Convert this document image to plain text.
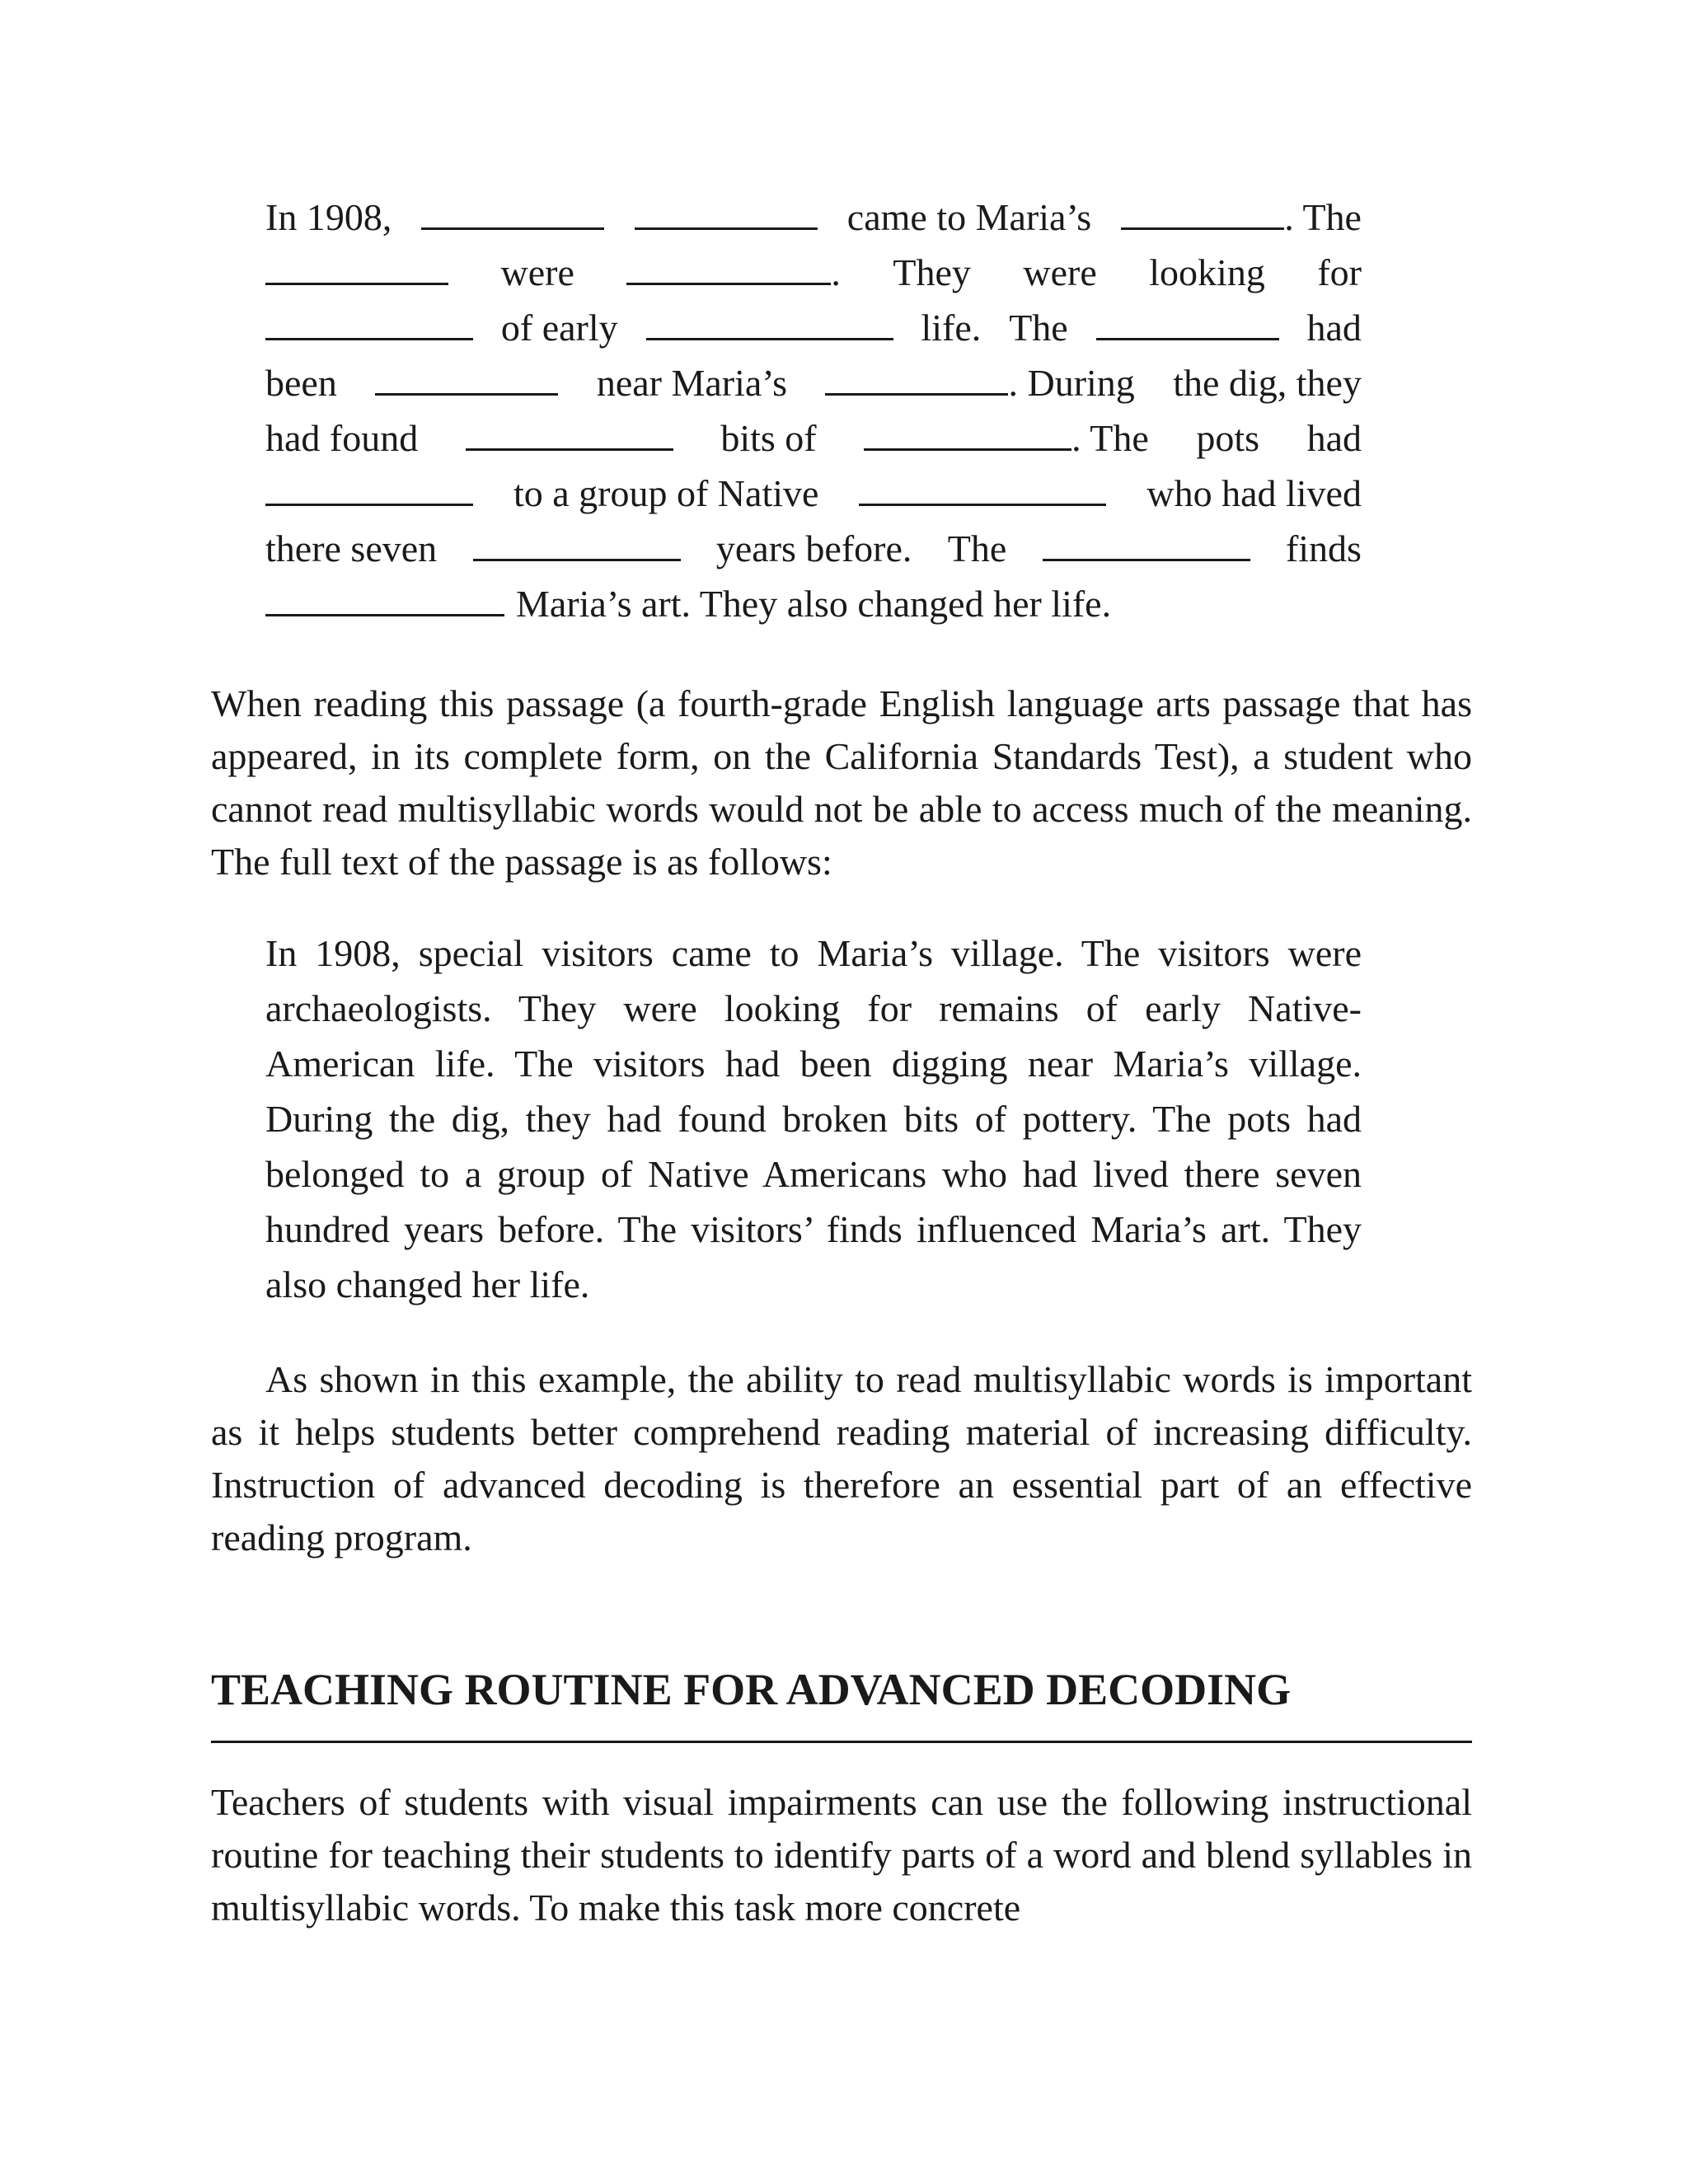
In 1908,	came to Maria’s	. The
were	. They were looking for
of early	life. The	had
been	near Maria’s	. During the dig, they
had found	bits of	. The pots had
to a group of Native	who had lived
there seven	years before. The	finds
Maria’s art. They also changed her life.

When reading this passage (a fourth-grade English language arts passage that has appeared, in its complete form, on the California Standards Test), a student who cannot read multisyllabic words would not be able to access much of the meaning. The full text of the passage is as follows:

In 1908, special visitors came to Maria’s village. The visitors were archaeologists. They were looking for remains of early Native-American life. The visitors had been digging near Maria’s village. During the dig, they had found broken bits of pottery. The pots had belonged to a group of Native Americans who had lived there seven hundred years before. The visitors’ finds influenced Maria’s art. They also changed her life.

As shown in this example, the ability to read multisyllabic words is important as it helps students better comprehend reading material of increasing difficulty. Instruction of advanced decoding is therefore an essential part of an effective reading program.

TEACHING ROUTINE FOR ADVANCED DECODING

Teachers of students with visual impairments can use the following instructional routine for teaching their students to identify parts of a word and blend syllables in multisyllabic words. To make this task more concrete
